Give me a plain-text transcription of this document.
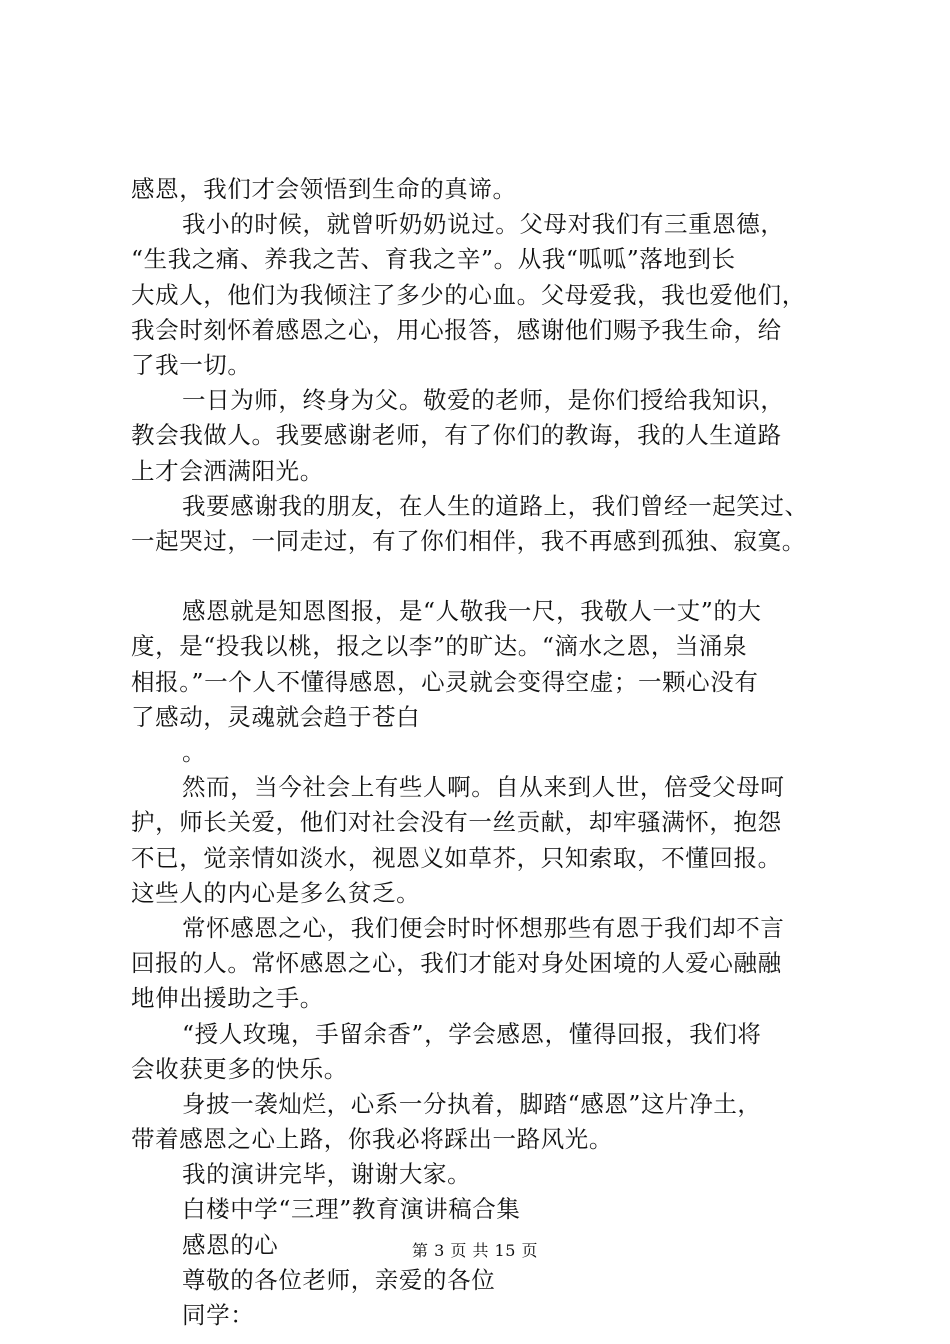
感恩，我们才会领悟到生命的真谛。
我小的时候，就曾听奶奶说过。父母对我们有三重恩德，
“生我之痛、养我之苦、育我之辛”。从我“呱呱”落地到长
大成人，他们为我倾注了多少的心血。父母爱我，我也爱他们，
我会时刻怀着感恩之心，用心报答，感谢他们赐予我生命，给
了我一切。
一日为师，终身为父。敬爱的老师，是你们授给我知识，
教会我做人。我要感谢老师，有了你们的教诲，我的人生道路
上才会洒满阳光。
我要感谢我的朋友，在人生的道路上，我们曾经一起笑过、
一起哭过，一同走过，有了你们相伴，我不再感到孤独、寂寞。
感恩就是知恩图报，是“人敬我一尺，我敬人一丈”的大
度，是“投我以桃，报之以李”的旷达。“滴水之恩，当涌泉
相报。”一个人不懂得感恩，心灵就会变得空虚；一颗心没有
了感动，灵魂就会趋于苍白
。
然而，当今社会上有些人啊。自从来到人世，倍受父母呵
护，师长关爱，他们对社会没有一丝贡献，却牢骚满怀，抱怨
不已，觉亲情如淡水，视恩义如草芥，只知索取，不懂回报。
这些人的内心是多么贫乏。
常怀感恩之心，我们便会时时怀想那些有恩于我们却不言
回报的人。常怀感恩之心，我们才能对身处困境的人爱心融融
地伸出援助之手。
“授人玫瑰，手留余香”，学会感恩，懂得回报，我们将
会收获更多的快乐。
身披一袭灿烂，心系一分执着，脚踏“感恩”这片净土，
带着感恩之心上路，你我必将踩出一路风光。
我的演讲完毕，谢谢大家。
白楼中学“三理”教育演讲稿合集
感恩的心
尊敬的各位老师，亲爱的各位
同学：
第 3 页 共 15 页
